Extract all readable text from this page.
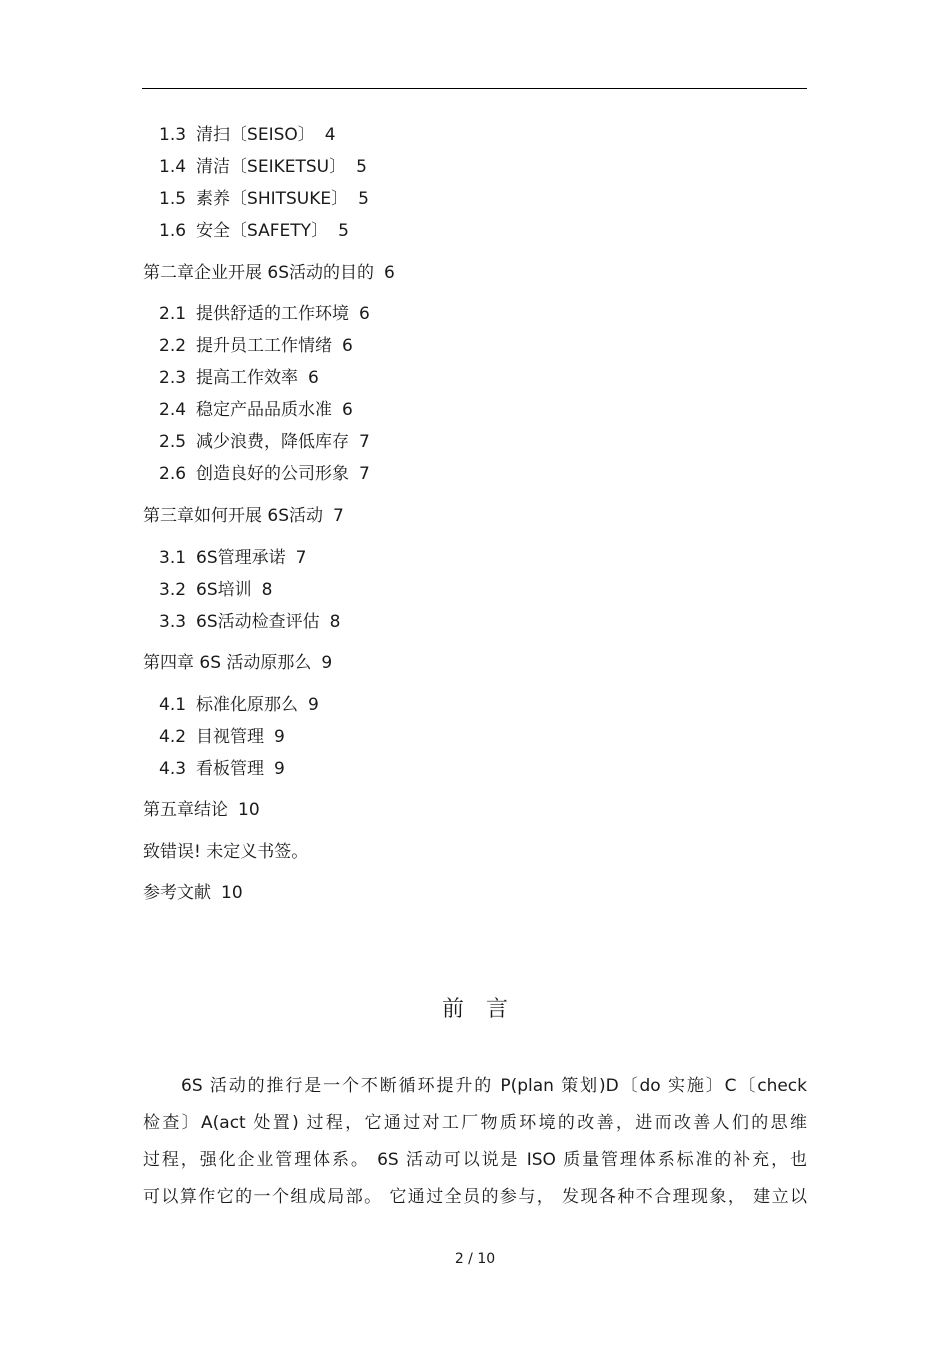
1.3 清扫〔SEISO〕 4
1.4 清洁〔SEIKETSU〕 5
1.5 素养〔SHITSUKE〕 5
1.6 安全〔SAFETY〕 5
第二章企业开展 6S活动的目的 6
2.1 提供舒适的工作环境 6
2.2 提升员工工作情绪 6
2.3 提高工作效率 6
2.4 稳定产品品质水准 6
2.5 减少浪费，降低库存 7
2.6 创造良好的公司形象 7
第三章如何开展 6S活动 7
3.1 6S管理承诺 7
3.2 6S培训 8
3.3 6S活动检查评估 8
第四章 6S 活动原那么 9
4.1 标准化原那么 9
4.2 目视管理 9
4.3 看板管理 9
第五章结论 10
致错误! 未定义书签。
参考文献 10
前言
6S 活动的推行是一个不断循环提升的 P(plan 策划)D〔do 实施〕C〔check
检查〕A(act 处置) 过程，它通过对工厂物质环境的改善，进而改善人们的思维
过程，强化企业管理体系。 6S 活动可以说是 ISO 质量管理体系标准的补充，也
可以算作它的一个组成局部。 它通过全员的参与， 发现各种不合理现象， 建立以
2 / 10
